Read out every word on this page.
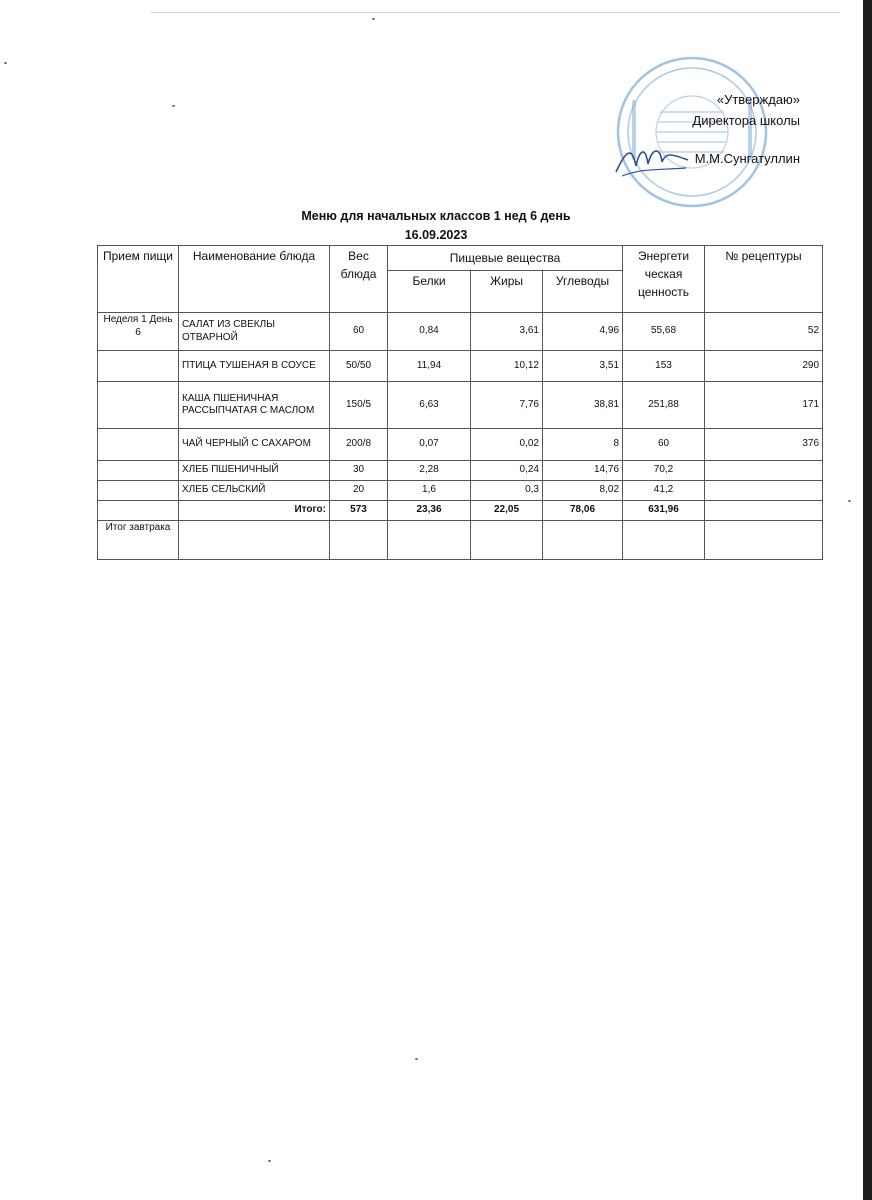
«Утверждаю»
Директора школы
М.М.Сунгатуллин
Меню для начальных классов 1 нед 6 день
16.09.2023
Прием пищи	Наименование блюда	Вес блюда	Пищевые вещества			Энергети ческая ценность	№ рецептуры
			Белки	Жиры	Углеводы		
Неделя 1 День 6	САЛАТ ИЗ СВЕКЛЫ ОТВАРНОЙ	60	0,84	3,61	4,96	55,68	52
	ПТИЦА ТУШЕНАЯ В СОУСЕ	50/50	11,94	10,12	3,51	153	290
	КАША ПШЕНИЧНАЯ РАССЫПЧАТАЯ С МАСЛОМ	150/5	6,63	7,76	38,81	251,88	171
	ЧАЙ ЧЕРНЫЙ С САХАРОМ	200/8	0,07	0,02	8	60	376
	ХЛЕБ ПШЕНИЧНЫЙ	30	2,28	0,24	14,76	70,2	
	ХЛЕБ СЕЛЬСКИЙ	20	1,6	0,3	8,02	41,2	
	Итого:	573	23,36	22,05	78,06	631,96	
Итог завтрака							
